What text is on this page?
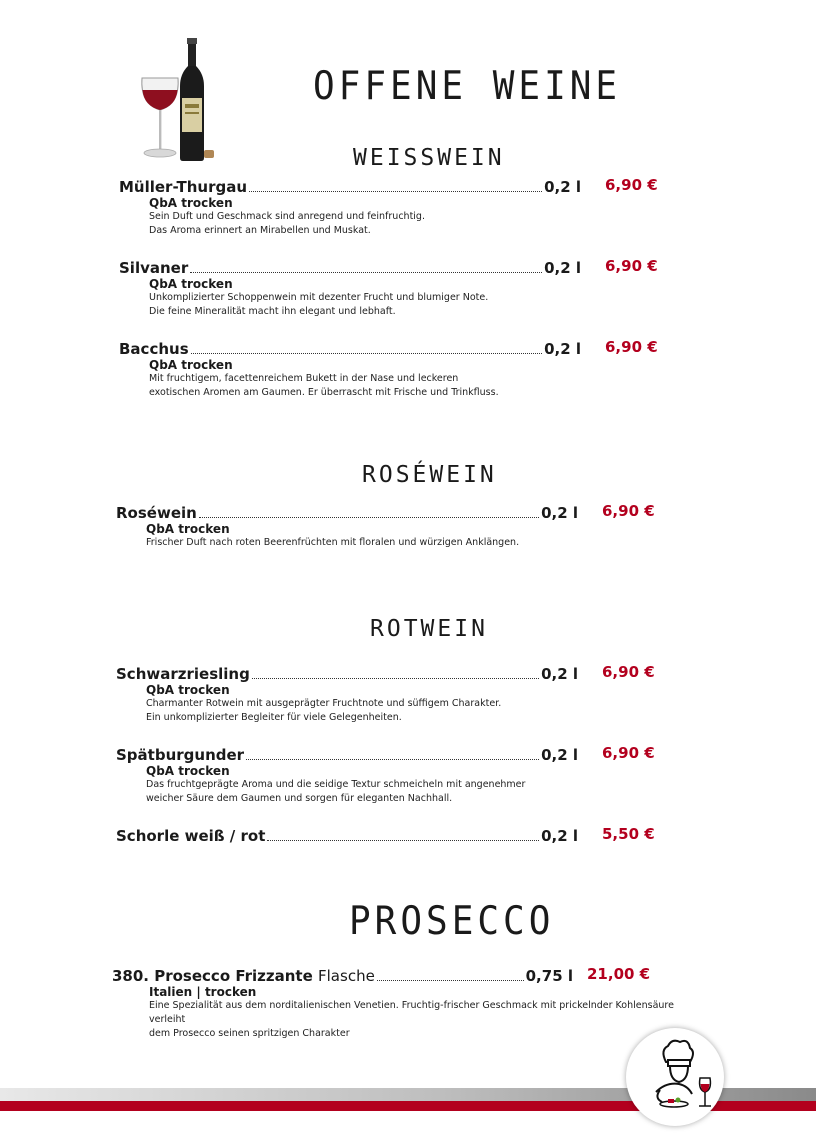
OFFENE WEINE
WEISSWEIN
Müller-Thurgau	0,2 l 6,90 €
QbA trocken
Sein Duft und Geschmack sind anregend und feinfruchtig.
Das Aroma erinnert an Mirabellen und Muskat.
Silvaner	0,2 l 6,90 €
QbA trocken
Unkomplizierter Schoppenwein mit dezenter Frucht und blumiger Note.
Die feine Mineralität macht ihn elegant und lebhaft.
Bacchus	0,2 l 6,90 €
QbA trocken
Mit fruchtigem, facettenreichem Bukett in der Nase und leckeren
exotischen Aromen am Gaumen. Er überrascht mit Frische und Trinkfluss.
ROSÉWEIN
Roséwein	0,2 l 6,90 €
QbA trocken
Frischer Duft nach roten Beerenfrüchten mit floralen und würzigen Anklängen.
ROTWEIN
Schwarzriesling	0,2 l 6,90 €
QbA trocken
Charmanter Rotwein mit ausgeprägter Fruchtnote und süffigem Charakter.
Ein unkomplizierter Begleiter für viele Gelegenheiten.
Spätburgunder	0,2 l 6,90 €
QbA trocken
Das fruchtgeprägte Aroma und die seidige Textur schmeicheln mit angenehmer
weicher Säure dem Gaumen und sorgen für eleganten Nachhall.
Schorle weiß / rot	0,2 l 5,50 €
PROSECCO
380. Prosecco Frizzante Flasche	0,75 l 21,00 €
Italien | trocken
Eine Spezialität aus dem norditalienischen Venetien. Fruchtig-frischer Geschmack mit prickelnder Kohlensäure verleiht
dem Prosecco seinen spritzigen Charakter
